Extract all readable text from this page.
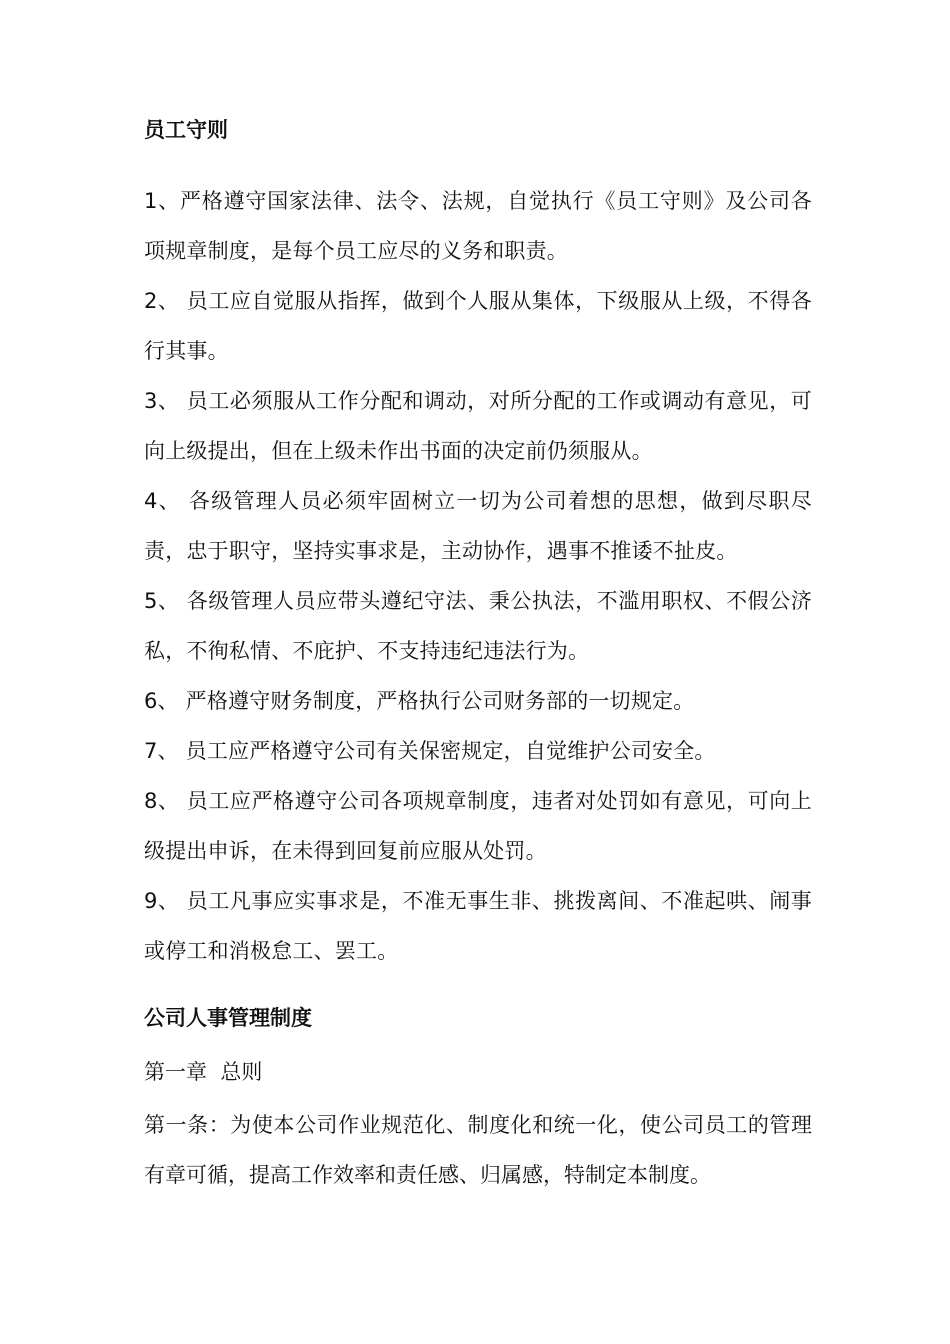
员工守则

1、严格遵守国家法律、法令、法规，自觉执行《员工守则》及公司各项规章制度，是每个员工应尽的义务和职责。

2、 员工应自觉服从指挥，做到个人服从集体，下级服从上级，不得各行其事。

3、 员工必须服从工作分配和调动，对所分配的工作或调动有意见，可向上级提出，但在上级未作出书面的决定前仍须服从。

4、 各级管理人员必须牢固树立一切为公司着想的思想，做到尽职尽责，忠于职守，坚持实事求是，主动协作，遇事不推诿不扯皮。

5、 各级管理人员应带头遵纪守法、秉公执法，不滥用职权、不假公济私，不徇私情、不庇护、不支持违纪违法行为。

6、 严格遵守财务制度，严格执行公司财务部的一切规定。

7、 员工应严格遵守公司有关保密规定，自觉维护公司安全。

8、 员工应严格遵守公司各项规章制度，违者对处罚如有意见，可向上级提出申诉，在未得到回复前应服从处罚。

9、 员工凡事应实事求是，不准无事生非、挑拨离间、不准起哄、闹事或停工和消极怠工、罢工。

公司人事管理制度

第一章  总则

第一条：为使本公司作业规范化、制度化和统一化，使公司员工的管理有章可循，提高工作效率和责任感、归属感，特制定本制度。
